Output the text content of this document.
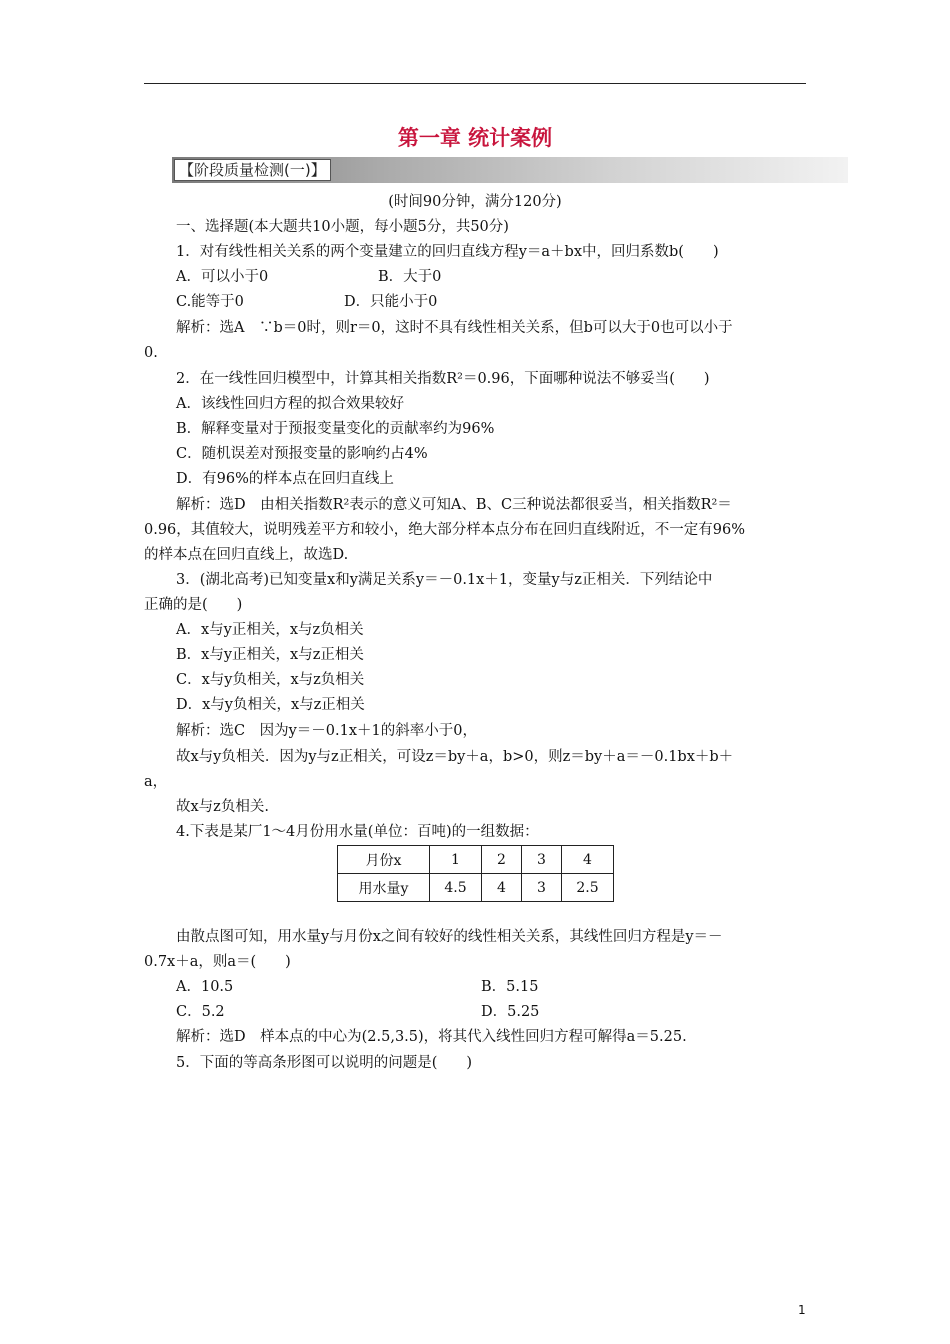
第一章 统计案例
【阶段质量检测(一)】
(时间90分钟，满分120分)
一、选择题(本大题共10小题，每小题5分，共50分)
1．对有线性相关关系的两个变量建立的回归直线方程y＝a＋bx中，回归系数b(　　)
A．可以小于0	B．大于0
C.能等于0	D．只能小于0
解析：选A　∵b＝0时，则r＝0，这时不具有线性相关关系，但b可以大于0也可以小于
0.
2．在一线性回归模型中，计算其相关指数R²＝0.96，下面哪种说法不够妥当(　　)
A．该线性回归方程的拟合效果较好
B．解释变量对于预报变量变化的贡献率约为96%
C．随机误差对预报变量的影响约占4%
D．有96%的样本点在回归直线上
解析：选D　由相关指数R²表示的意义可知A、B、C三种说法都很妥当，相关指数R²＝
0.96，其值较大，说明残差平方和较小，绝大部分样本点分布在回归直线附近，不一定有96%
的样本点在回归直线上，故选D.
3．(湖北高考)已知变量x和y满足关系y＝－0.1x＋1，变量y与z正相关．下列结论中
正确的是(　　)
A．x与y正相关，x与z负相关
B．x与y正相关，x与z正相关
C．x与y负相关，x与z负相关
D．x与y负相关，x与z正相关
解析：选C　因为y＝－0.1x＋1的斜率小于0，
故x与y负相关．因为y与z正相关，可设z＝by＋a，b>0，则z＝by＋a＝－0.1bx＋b＋
a，
故x与z负相关.
4.下表是某厂1～4月份用水量(单位：百吨)的一组数据：
月份x	1	2	3	4
用水量y	4.5	4	3	2.5
由散点图可知，用水量y与月份x之间有较好的线性相关关系，其线性回归方程是y＝－
0.7x＋a，则a＝(　　)
A．10.5	B．5.15
C．5.2	D．5.25
解析：选D　样本点的中心为(2.5,3.5)，将其代入线性回归方程可解得a＝5.25.
5．下面的等高条形图可以说明的问题是(　　)
1
